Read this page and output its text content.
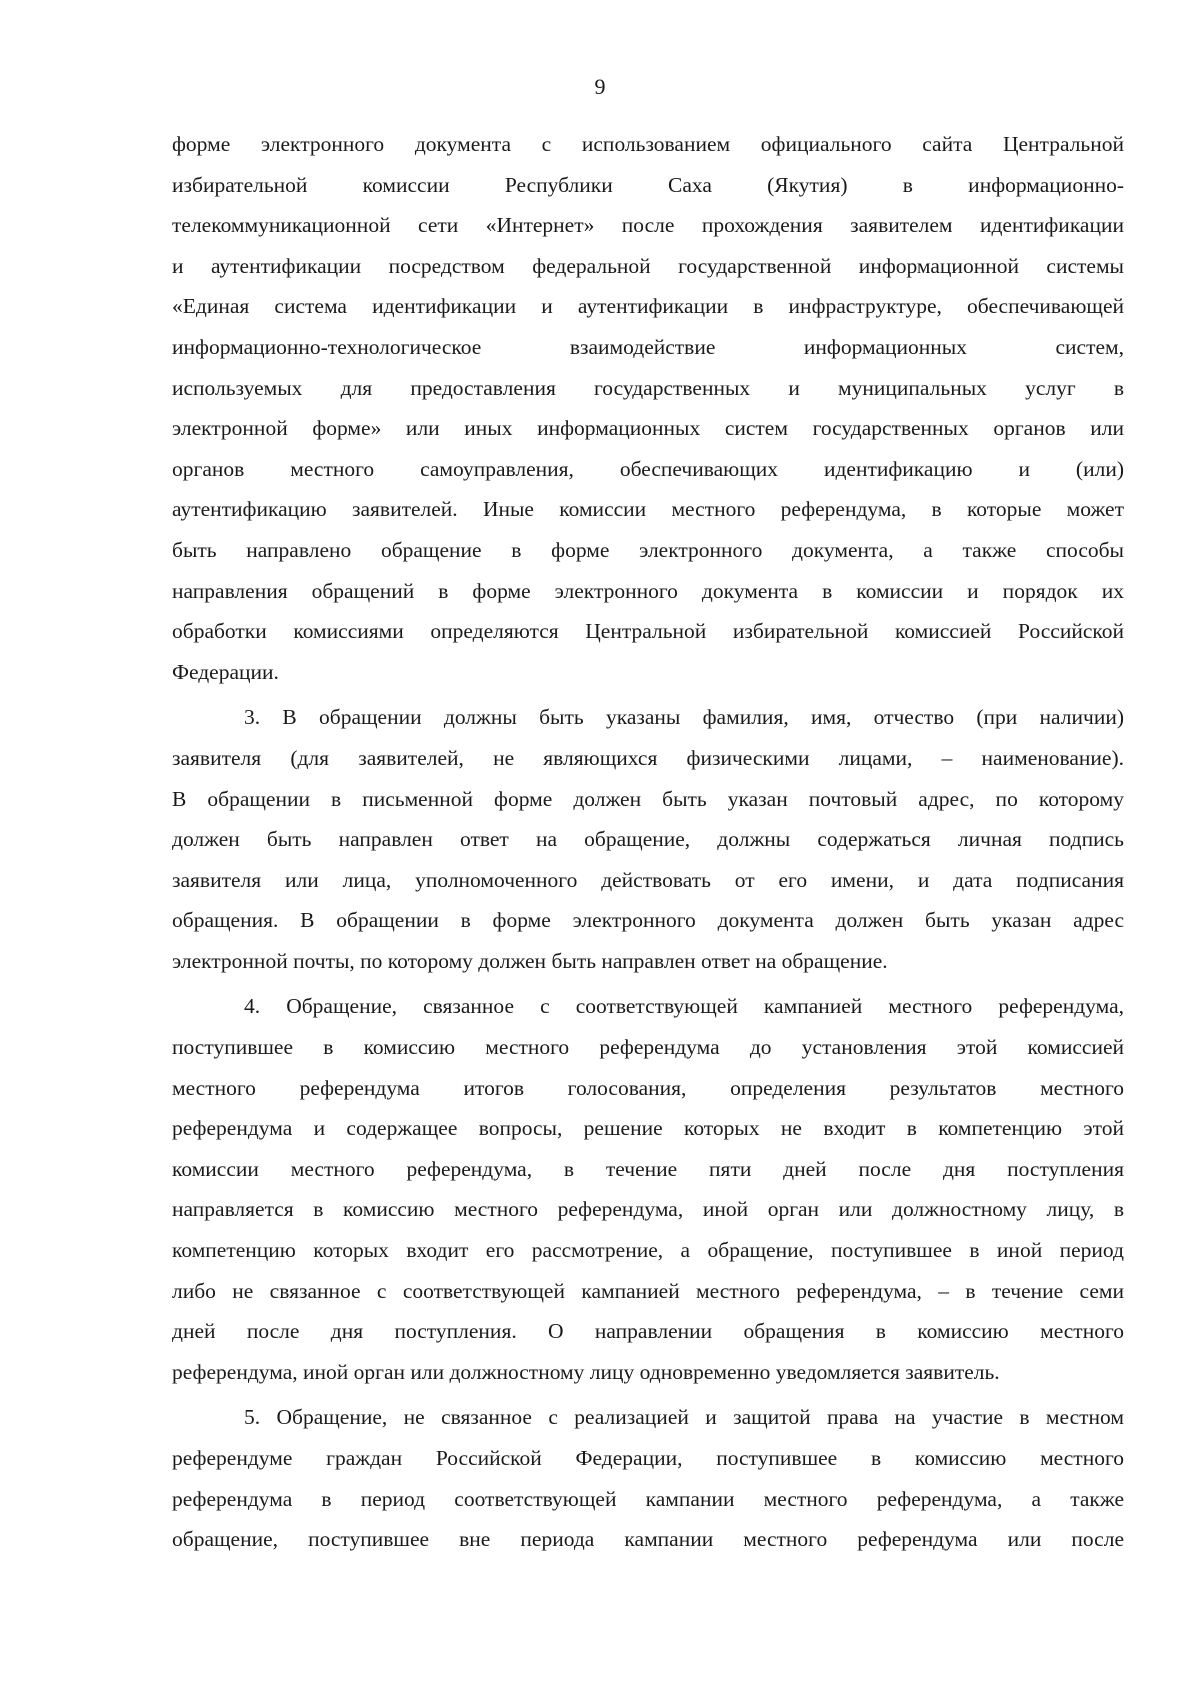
9
форме электронного документа с использованием официального сайта Центральной
избирательной комиссии Республики Саха (Якутия) в информационно-
телекоммуникационной сети «Интернет» после прохождения заявителем идентификации
и аутентификации посредством федеральной государственной информационной системы
«Единая система идентификации и аутентификации в инфраструктуре, обеспечивающей
информационно-технологическое взаимодействие информационных систем,
используемых для предоставления государственных и муниципальных услуг в
электронной форме» или иных информационных систем государственных органов или
органов местного самоуправления, обеспечивающих идентификацию и (или)
аутентификацию заявителей. Иные комиссии местного референдума, в которые может
быть направлено обращение в форме электронного документа, а также способы
направления обращений в форме электронного документа в комиссии и порядок их
обработки комиссиями определяются Центральной избирательной комиссией Российской
Федерации.
3. В обращении должны быть указаны фамилия, имя, отчество (при наличии)
заявителя (для заявителей, не являющихся физическими лицами, – наименование).
В обращении в письменной форме должен быть указан почтовый адрес, по которому
должен быть направлен ответ на обращение, должны содержаться личная подпись
заявителя или лица, уполномоченного действовать от его имени, и дата подписания
обращения. В обращении в форме электронного документа должен быть указан адрес
электронной почты, по которому должен быть направлен ответ на обращение.
4. Обращение, связанное с соответствующей кампанией местного референдума,
поступившее в комиссию местного референдума до установления этой комиссией
местного референдума итогов голосования, определения результатов местного
референдума и содержащее вопросы, решение которых не входит в компетенцию этой
комиссии местного референдума, в течение пяти дней после дня поступления
направляется в комиссию местного референдума, иной орган или должностному лицу, в
компетенцию которых входит его рассмотрение, а обращение, поступившее в иной период
либо не связанное с соответствующей кампанией местного референдума, – в течение семи
дней после дня поступления. О направлении обращения в комиссию местного
референдума, иной орган или должностному лицу одновременно уведомляется заявитель.
5. Обращение, не связанное с реализацией и защитой права на участие в местном
референдуме граждан Российской Федерации, поступившее в комиссию местного
референдума в период соответствующей кампании местного референдума, а также
обращение, поступившее вне периода кампании местного референдума или после
